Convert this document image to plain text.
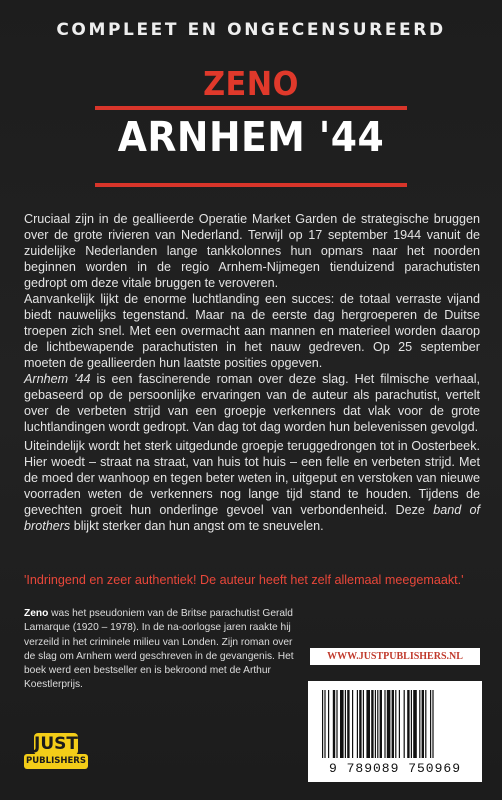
COMPLEET EN ONGECENSUREERD
ZENO
ARNHEM '44

Cruciaal zijn in de geallieerde Operatie Market Garden de strategische bruggen over de grote rivieren van Nederland. Terwijl op 17 september 1944 vanuit de zuidelijke Nederlanden lange tankkolonnes hun opmars naar het noorden beginnen worden in de regio Arnhem-Nijmegen tienduizend parachutisten gedropt om deze vitale bruggen te veroveren.

Aanvankelijk lijkt de enorme luchtlanding een succes: de totaal verraste vijand biedt nauwelijks tegenstand. Maar na de eerste dag hergroeperen de Duitse troepen zich snel. Met een overmacht aan mannen en materieel worden daarop de lichtbewapende parachutisten in het nauw gedreven. Op 25 september moeten de geallieerden hun laatste posities opgeven.

Arnhem '44 is een fascinerende roman over deze slag. Het filmische verhaal, gebaseerd op de persoonlijke ervaringen van de auteur als parachutist, vertelt over de verbeten strijd van een groepje verkenners dat vlak voor de grote luchtlandingen wordt gedropt. Van dag tot dag worden hun belevenissen gevolgd.

Uiteindelijk wordt het sterk uitgedunde groepje teruggedrongen tot in Oosterbeek. Hier woedt – straat na straat, van huis tot huis – een felle en verbeten strijd. Met de moed der wanhoop en tegen beter weten in, uitgeput en verstoken van nieuwe voorraden weten de verkenners nog lange tijd stand te houden. Tijdens de gevechten groeit hun onderlinge gevoel van verbondenheid. Deze band of brothers blijkt sterker dan hun angst om te sneuvelen.

'Indringend en zeer authentiek! De auteur heeft het zelf allemaal meegemaakt.'
Zeno was het pseudoniem van de Britse parachutist Gerald Lamarque (1920 – 1978). In de na-oorlogse jaren raakte hij verzeild in het criminele milieu van Londen. Zijn roman over de slag om Arnhem werd geschreven in de gevangenis. Het boek werd een bestseller en is bekroond met de Arthur Koestlerprijs.
WWW.JUSTPUBLISHERS.NL
9 789089 750969
JUST
PUBLISHERS
